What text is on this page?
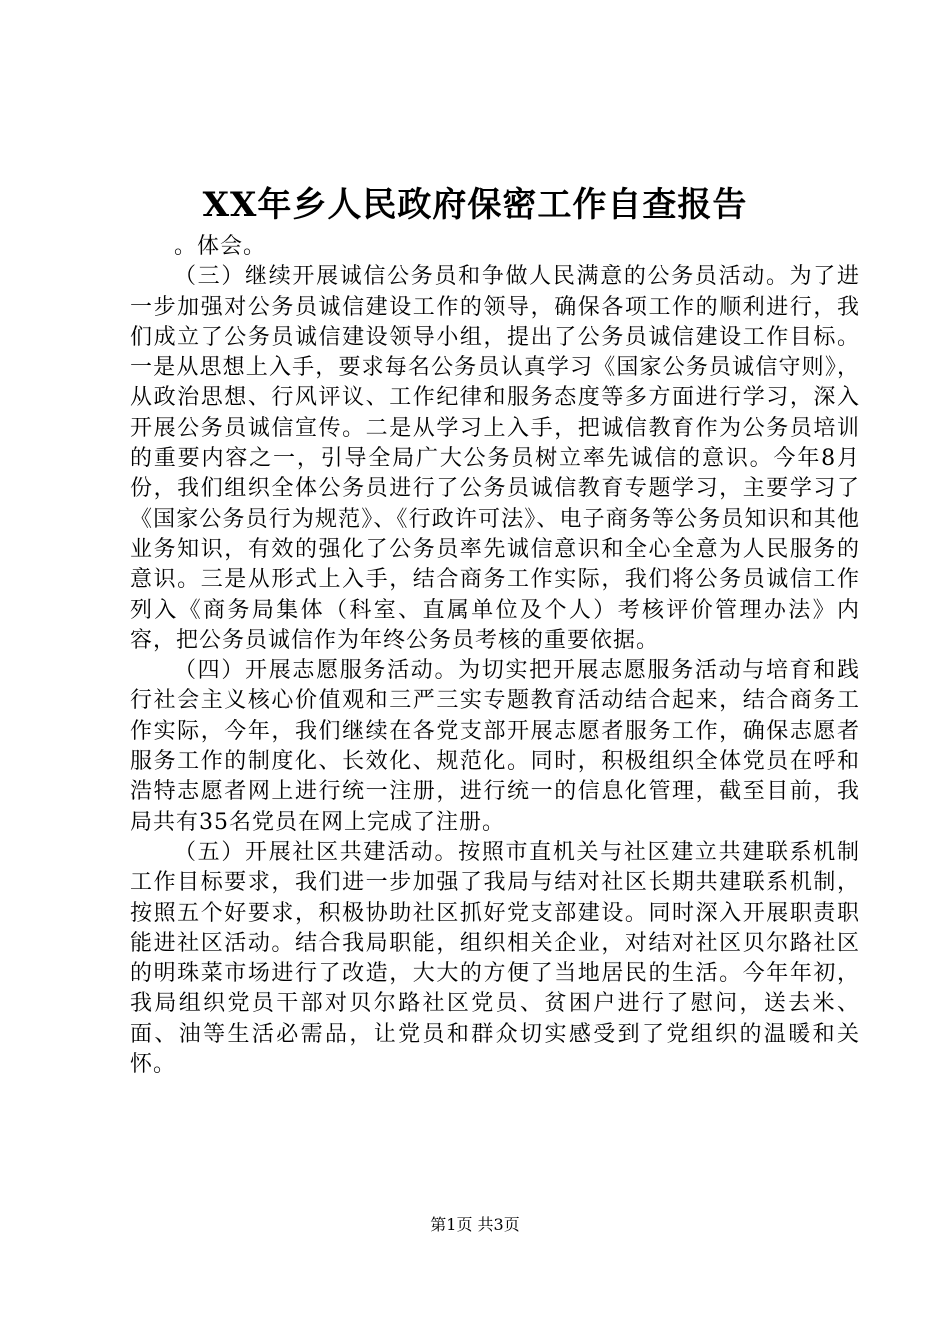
XX年乡人民政府保密工作自查报告

。体会。

（三）继续开展诚信公务员和争做人民满意的公务员活动。为了进一步加强对公务员诚信建设工作的领导，确保各项工作的顺利进行，我们成立了公务员诚信建设领导小组，提出了公务员诚信建设工作目标。一是从思想上入手，要求每名公务员认真学习《国家公务员诚信守则》，从政治思想、行风评议、工作纪律和服务态度等多方面进行学习，深入开展公务员诚信宣传。二是从学习上入手，把诚信教育作为公务员培训的重要内容之一，引导全局广大公务员树立率先诚信的意识。今年8月份，我们组织全体公务员进行了公务员诚信教育专题学习，主要学习了《国家公务员行为规范》、《行政许可法》、电子商务等公务员知识和其他业务知识，有效的强化了公务员率先诚信意识和全心全意为人民服务的意识。三是从形式上入手，结合商务工作实际，我们将公务员诚信工作列入《商务局集体（科室、直属单位及个人）考核评价管理办法》内容，把公务员诚信作为年终公务员考核的重要依据。

（四）开展志愿服务活动。为切实把开展志愿服务活动与培育和践行社会主义核心价值观和三严三实专题教育活动结合起来，结合商务工作实际，今年，我们继续在各党支部开展志愿者服务工作，确保志愿者服务工作的制度化、长效化、规范化。同时，积极组织全体党员在呼和浩特志愿者网上进行统一注册，进行统一的信息化管理，截至目前，我局共有35名党员在网上完成了注册。

（五）开展社区共建活动。按照市直机关与社区建立共建联系机制工作目标要求，我们进一步加强了我局与结对社区长期共建联系机制，按照五个好要求，积极协助社区抓好党支部建设。同时深入开展职责职能进社区活动。结合我局职能，组织相关企业，对结对社区贝尔路社区的明珠菜市场进行了改造，大大的方便了当地居民的生活。今年年初，我局组织党员干部对贝尔路社区党员、贫困户进行了慰问，送去米、面、油等生活必需品，让党员和群众切实感受到了党组织的温暖和关怀。

第1页 共3页
